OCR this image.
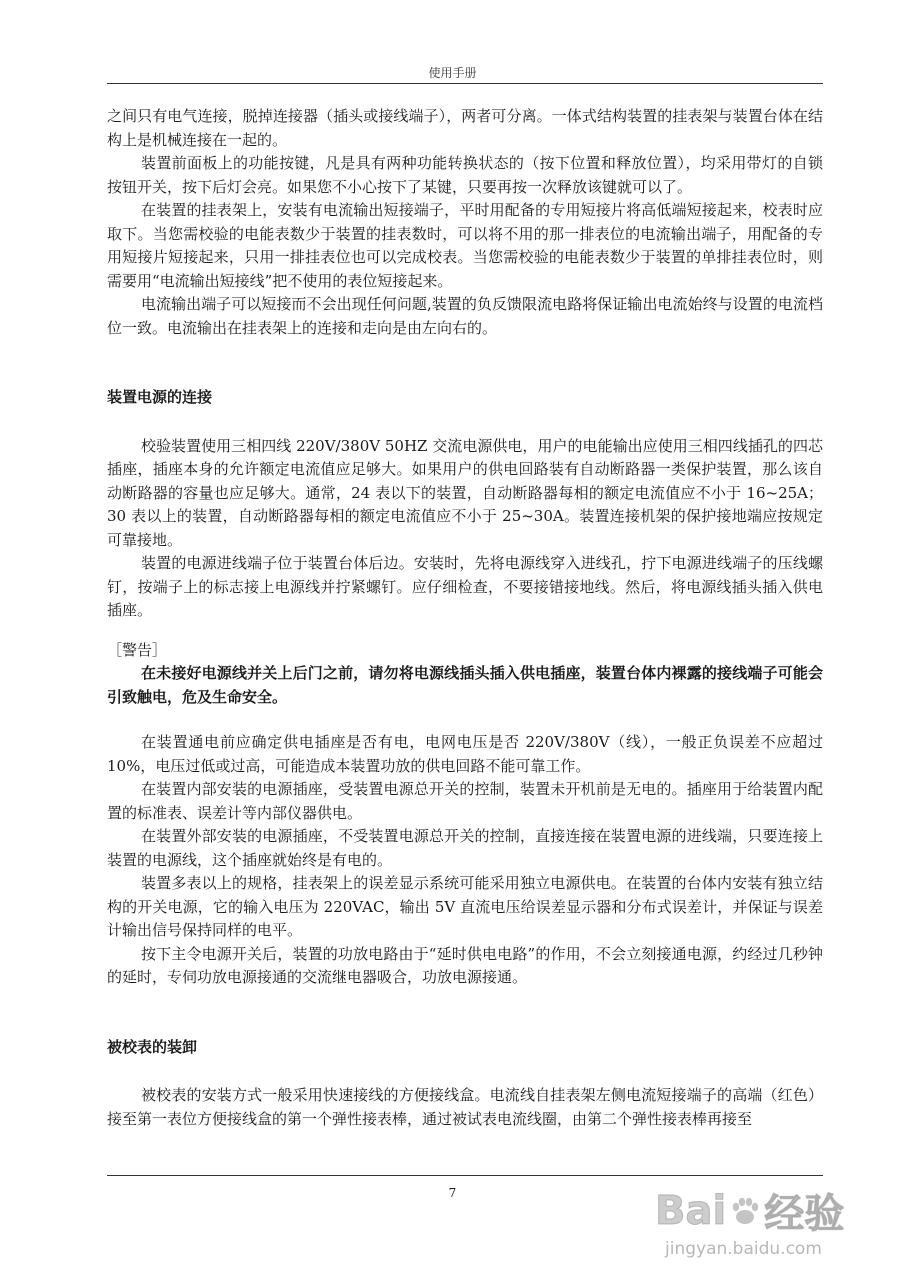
使用手册

之间只有电气连接，脱掉连接器（插头或接线端子），两者可分离。一体式结构装置的挂表架与装置台体在结构上是机械连接在一起的。

装置前面板上的功能按键，凡是具有两种功能转换状态的（按下位置和释放位置），均采用带灯的自锁按钮开关，按下后灯会亮。如果您不小心按下了某键，只要再按一次释放该键就可以了。

在装置的挂表架上，安装有电流输出短接端子，平时用配备的专用短接片将高低端短接起来，校表时应取下。当您需校验的电能表数少于装置的挂表数时，可以将不用的那一排表位的电流输出端子，用配备的专用短接片短接起来，只用一排挂表位也可以完成校表。当您需校验的电能表数少于装置的单排挂表位时，则需要用“电流输出短接线”把不使用的表位短接起来。

电流输出端子可以短接而不会出现任何问题,装置的负反馈限流电路将保证输出电流始终与设置的电流档位一致。电流输出在挂表架上的连接和走向是由左向右的。

装置电源的连接

校验装置使用三相四线 220V/380V 50HZ 交流电源供电，用户的电能输出应使用三相四线插孔的四芯插座，插座本身的允许额定电流值应足够大。如果用户的供电回路装有自动断路器一类保护装置，那么该自动断路器的容量也应足够大。通常，24 表以下的装置，自动断路器每相的额定电流值应不小于 16~25A；30 表以上的装置，自动断路器每相的额定电流值应不小于 25~30A。装置连接机架的保护接地端应按规定可靠接地。

装置的电源进线端子位于装置台体后边。安装时，先将电源线穿入进线孔，拧下电源进线端子的压线螺钉，按端子上的标志接上电源线并拧紧螺钉。应仔细检查，不要接错接地线。然后，将电源线插头插入供电插座。

［警告］

在未接好电源线并关上后门之前，请勿将电源线插头插入供电插座，装置台体内裸露的接线端子可能会引致触电，危及生命安全。

在装置通电前应确定供电插座是否有电，电网电压是否 220V/380V（线），一般正负误差不应超过 10%，电压过低或过高，可能造成本装置功放的供电回路不能可靠工作。

在装置内部安装的电源插座，受装置电源总开关的控制，装置未开机前是无电的。插座用于给装置内配置的标准表、误差计等内部仪器供电。

在装置外部安装的电源插座，不受装置电源总开关的控制，直接连接在装置电源的进线端，只要连接上装置的电源线，这个插座就始终是有电的。

装置多表以上的规格，挂表架上的误差显示系统可能采用独立电源供电。在装置的台体内安装有独立结构的开关电源，它的输入电压为 220VAC，输出 5V 直流电压给误差显示器和分布式误差计，并保证与误差计输出信号保持同样的电平。

按下主令电源开关后，装置的功放电路由于“延时供电电路”的作用，不会立刻接通电源，约经过几秒钟的延时，专伺功放电源接通的交流继电器吸合，功放电源接通。

被校表的装卸

被校表的安装方式一般采用快速接线的方便接线盒。电流线自挂表架左侧电流短接端子的高端（红色）接至第一表位方便接线盒的第一个弹性接表棒，通过被试表电流线圈，由第二个弹性接表棒再接至

7	Bai 经验
jingyan.baidu.com
